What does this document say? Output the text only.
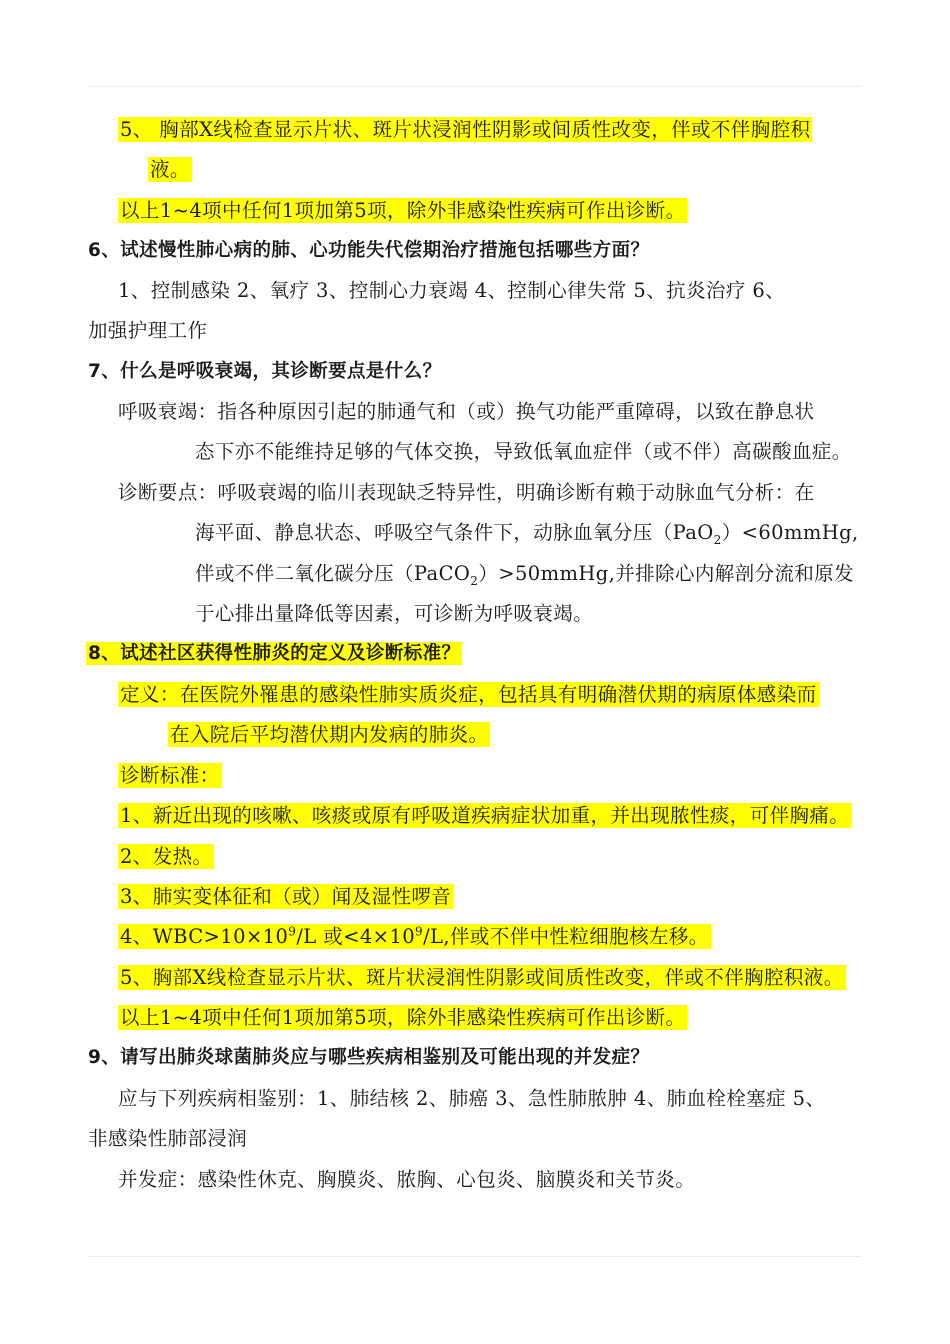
5、 胸部X线检查显示片状、斑片状浸润性阴影或间质性改变，伴或不伴胸腔积
液。
以上1~4项中任何1项加第5项，除外非感染性疾病可作出诊断。
6、试述慢性肺心病的肺、心功能失代偿期治疗措施包括哪些方面？
1、控制感染 2、氧疗 3、控制心力衰竭 4、控制心律失常 5、抗炎治疗 6、
加强护理工作
7、什么是呼吸衰竭，其诊断要点是什么？
呼吸衰竭：指各种原因引起的肺通气和（或）换气功能严重障碍，以致在静息状
态下亦不能维持足够的气体交换，导致低氧血症伴（或不伴）高碳酸血症。
诊断要点：呼吸衰竭的临川表现缺乏特异性，明确诊断有赖于动脉血气分析：在
海平面、静息状态、呼吸空气条件下，动脉血氧分压（PaO$_2$）<60mmHg,
伴或不伴二氧化碳分压（PaCO$_2$）>50mmHg,并排除心内解剖分流和原发
于心排出量降低等因素，可诊断为呼吸衰竭。
8、试述社区获得性肺炎的定义及诊断标准？
定义：在医院外罹患的感染性肺实质炎症，包括具有明确潜伏期的病原体感染而
在入院后平均潜伏期内发病的肺炎。
诊断标准：
1、新近出现的咳嗽、咳痰或原有呼吸道疾病症状加重，并出现脓性痰，可伴胸痛。
2、发热。
3、肺实变体征和（或）闻及湿性啰音
4、$WBC>10\times 10^9/L$ 或$<4\times 10^9/L$,伴或不伴中性粒细胞核左移。
5、胸部X线检查显示片状、斑片状浸润性阴影或间质性改变，伴或不伴胸腔积液。
以上1~4项中任何1项加第5项，除外非感染性疾病可作出诊断。
9、请写出肺炎球菌肺炎应与哪些疾病相鉴别及可能出现的并发症？
应与下列疾病相鉴别：1、肺结核 2、肺癌 3、急性肺脓肿 4、肺血栓栓塞症 5、
非感染性肺部浸润
并发症：感染性休克、胸膜炎、脓胸、心包炎、脑膜炎和关节炎。
